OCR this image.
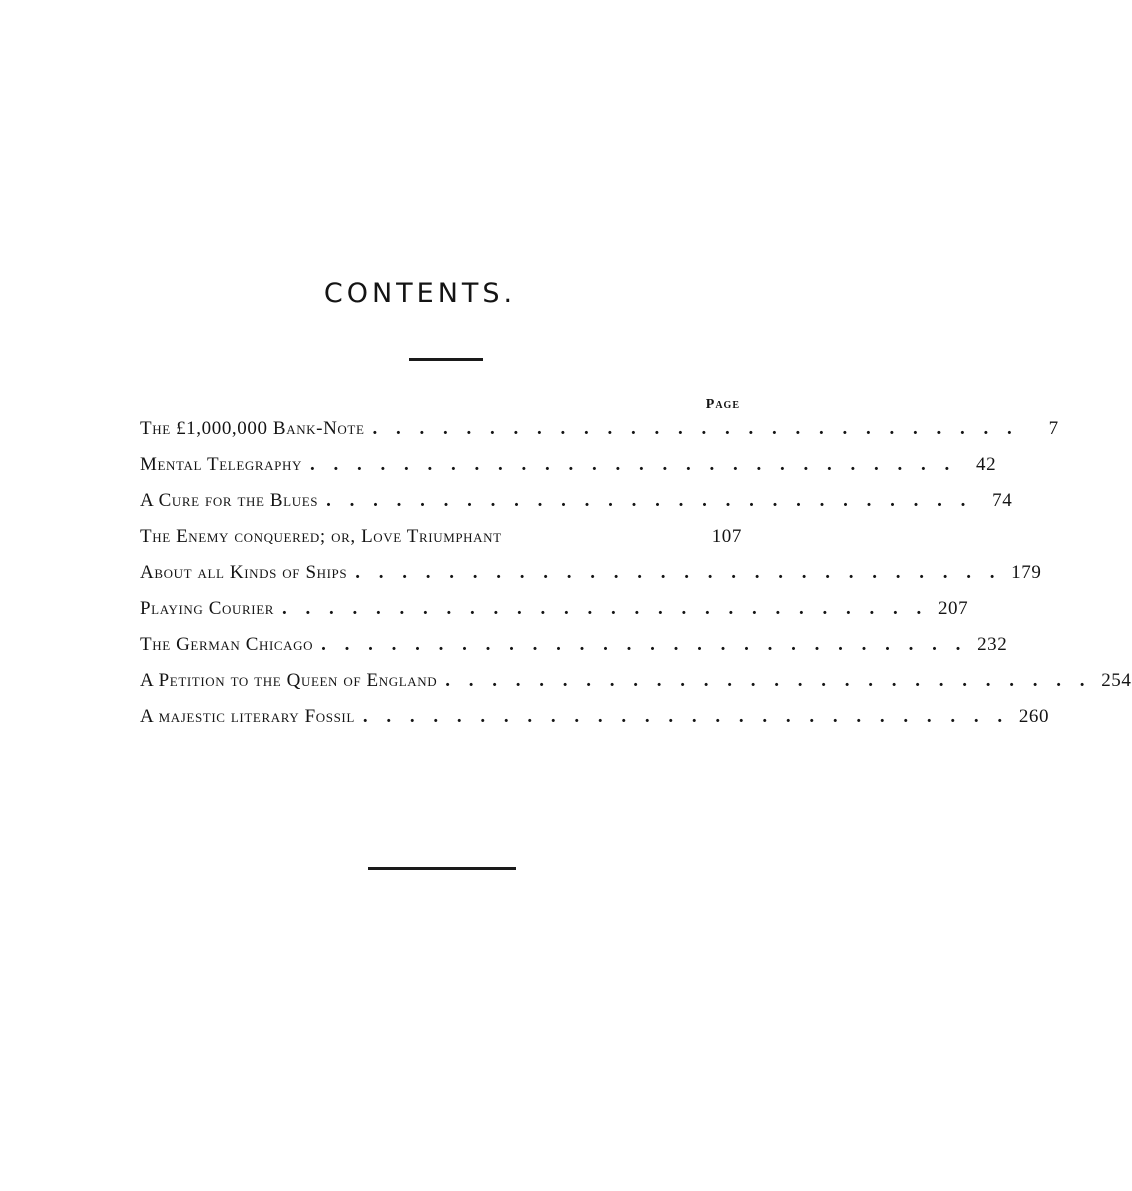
CONTENTS.
Page
The £1,000,000 Bank-Note . . . . . . . . . . . . . . . . . . . . . . . . . . . .	7
Mental Telegraphy . . . . . . . . . . . . . . . . . . . . . . . . . . . .	42
A Cure for the Blues . . . . . . . . . . . . . . . . . . . . . . . . . . . .	74
The Enemy conquered; or, Love Triumphant	107
About all Kinds of Ships . . . . . . . . . . . . . . . . . . . . . . . . . . . . 179
Playing Courier . . . . . . . . . . . . . . . . . . . . . . . . . . . . 207
The German Chicago . . . . . . . . . . . . . . . . . . . . . . . . . . . . 232
A Petition to the Queen of England . . . . . . . . . . . . . . . . . . . . . . . . . . . . 254
A majestic literary Fossil . . . . . . . . . . . . . . . . . . . . . . . . . . . . 260
